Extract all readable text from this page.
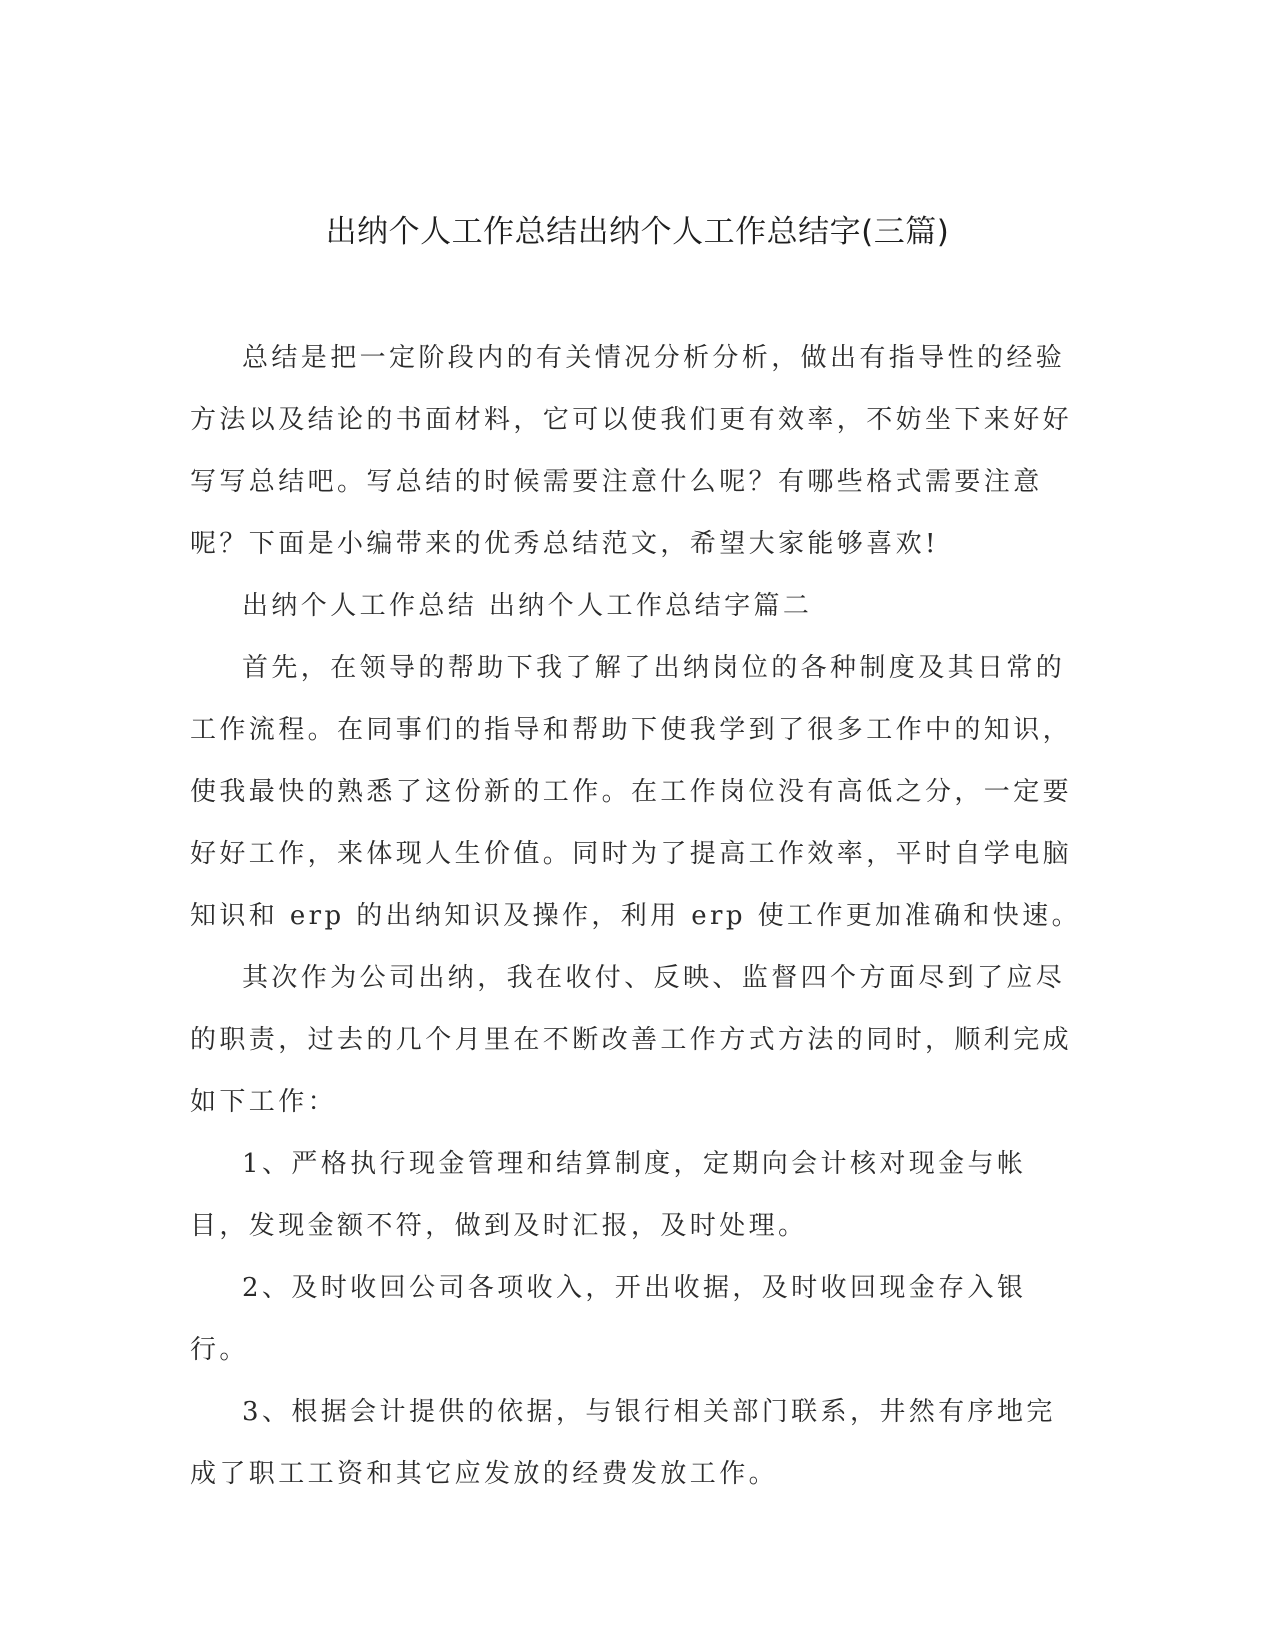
出纳个人工作总结出纳个人工作总结字(三篇)

总结是把一定阶段内的有关情况分析分析，做出有指导性的经验方法以及结论的书面材料，它可以使我们更有效率，不妨坐下来好好写写总结吧。写总结的时候需要注意什么呢？有哪些格式需要注意呢？下面是小编带来的优秀总结范文，希望大家能够喜欢!

出纳个人工作总结 出纳个人工作总结字篇二

首先，在领导的帮助下我了解了出纳岗位的各种制度及其日常的工作流程。在同事们的指导和帮助下使我学到了很多工作中的知识，使我最快的熟悉了这份新的工作。在工作岗位没有高低之分，一定要好好工作，来体现人生价值。同时为了提高工作效率，平时自学电脑知识和 erp 的出纳知识及操作，利用 erp 使工作更加准确和快速。

其次作为公司出纳，我在收付、反映、监督四个方面尽到了应尽的职责，过去的几个月里在不断改善工作方式方法的同时，顺利完成如下工作：

1、严格执行现金管理和结算制度，定期向会计核对现金与帐目，发现金额不符，做到及时汇报，及时处理。

2、及时收回公司各项收入，开出收据，及时收回现金存入银行。

3、根据会计提供的依据，与银行相关部门联系，井然有序地完成了职工工资和其它应发放的经费发放工作。
